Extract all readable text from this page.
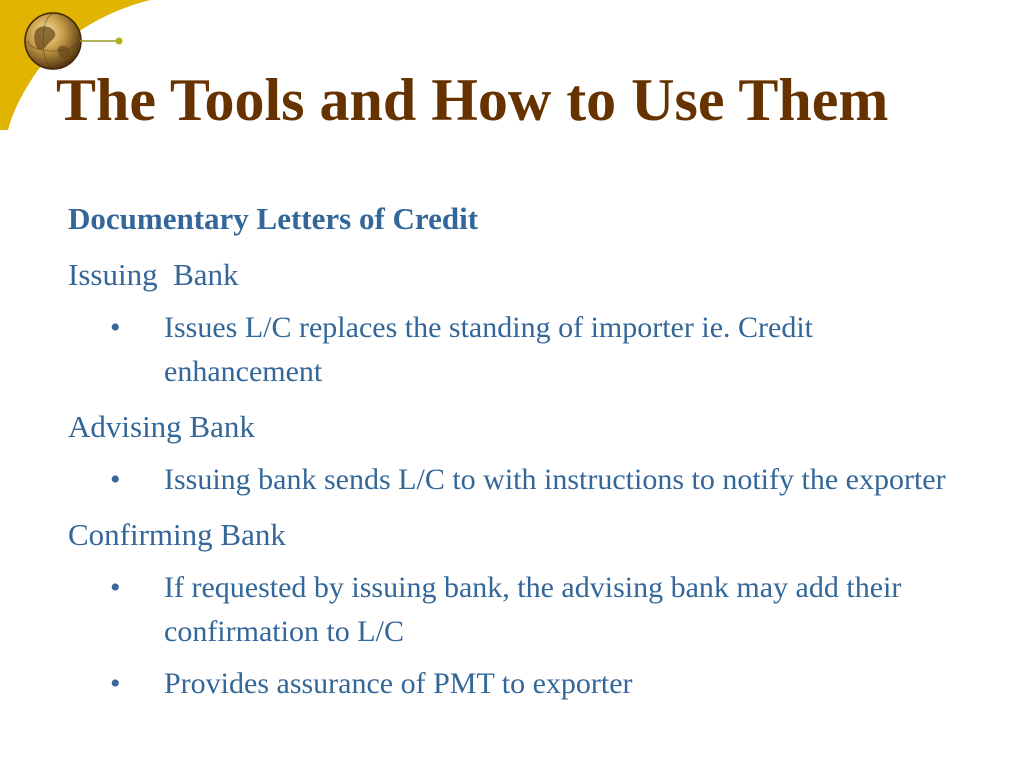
The Tools and How to Use Them
Documentary Letters of Credit
Issuing  Bank
• Issues L/C replaces the standing of importer ie. Credit enhancement
Advising Bank
• Issuing bank sends L/C to with instructions to notify the exporter
Confirming Bank
• If requested by issuing bank, the advising bank may add their confirmation to L/C
• Provides assurance of PMT to exporter
